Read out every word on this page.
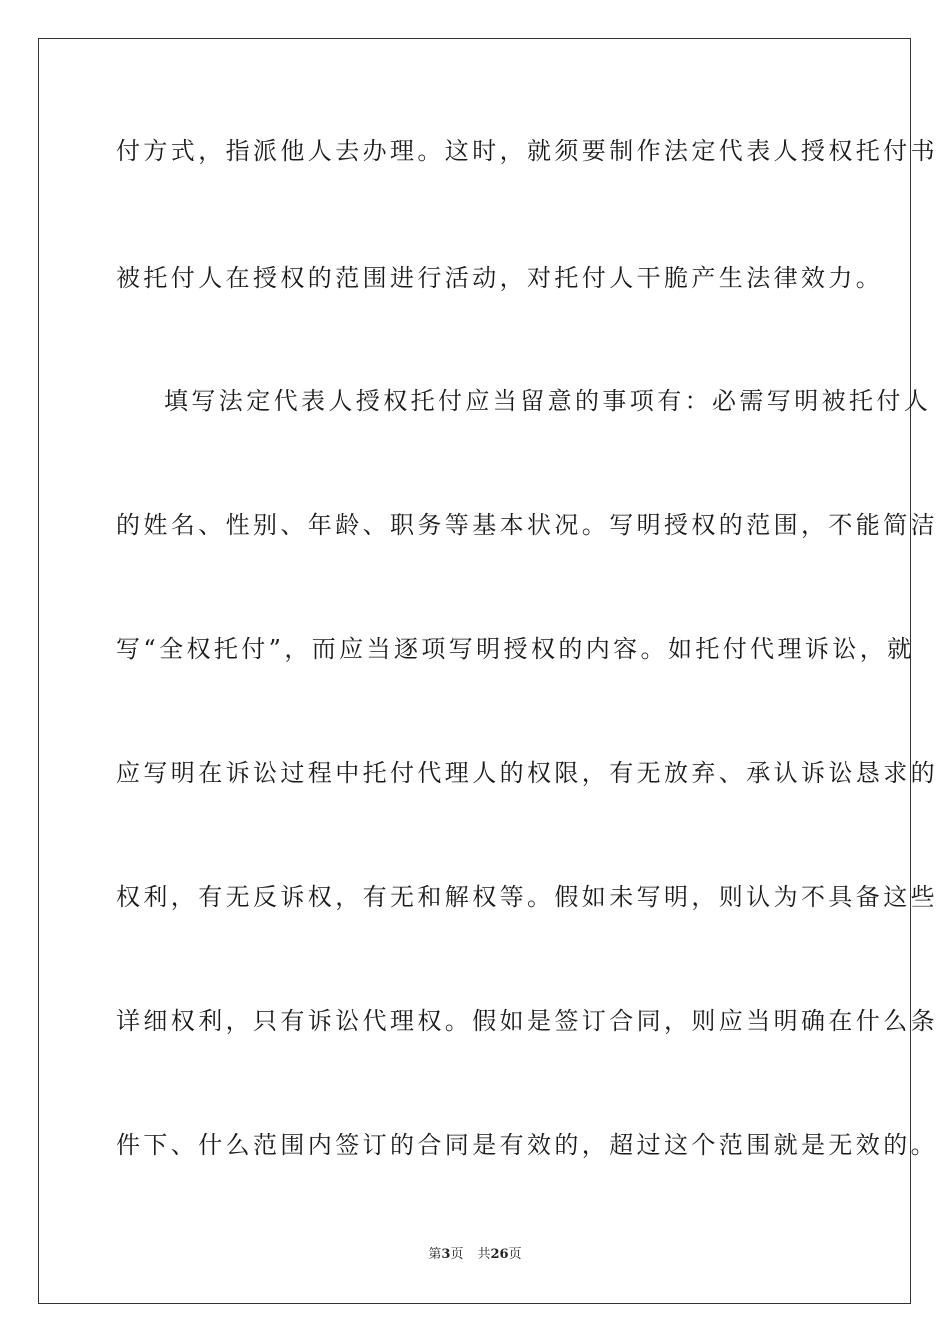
付方式，指派他人去办理。这时，就须要制作法定代表人授权托付书
被托付人在授权的范围进行活动，对托付人干脆产生法律效力。
填写法定代表人授权托付应当留意的事项有：必需写明被托付人
的姓名、性别、年龄、职务等基本状况。写明授权的范围，不能简洁
写“全权托付”，而应当逐项写明授权的内容。如托付代理诉讼，就
应写明在诉讼过程中托付代理人的权限，有无放弃、承认诉讼恳求的
权利，有无反诉权，有无和解权等。假如未写明，则认为不具备这些
详细权利，只有诉讼代理权。假如是签订合同，则应当明确在什么条
件下、什么范围内签订的合同是有效的，超过这个范围就是无效的。
第3页 共26页
